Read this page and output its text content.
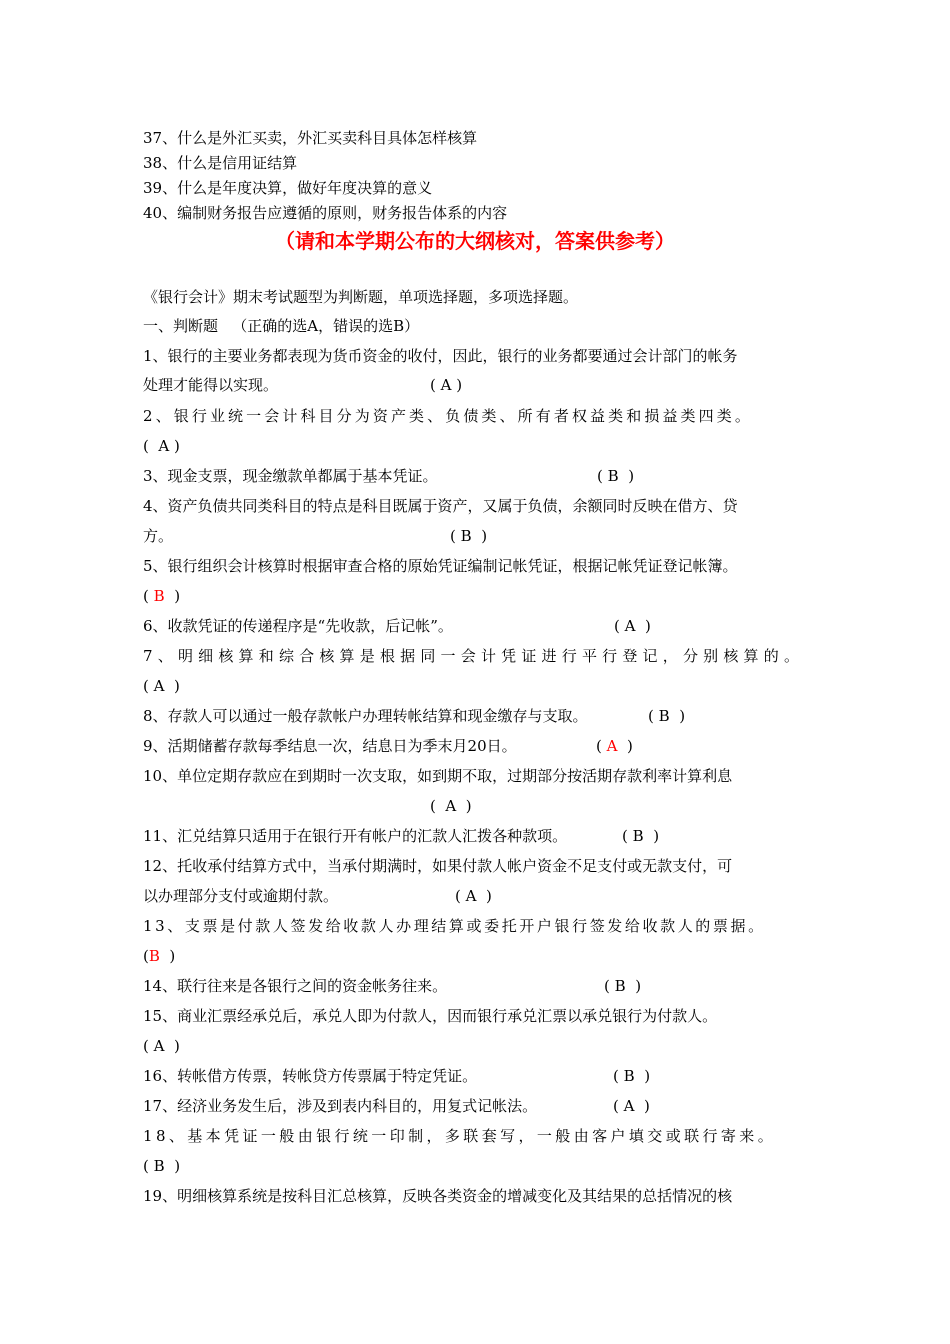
37、什么是外汇买卖，外汇买卖科目具体怎样核算
38、什么是信用证结算
39、什么是年度决算，做好年度决算的意义
40、编制财务报告应遵循的原则，财务报告体系的内容
（请和本学期公布的大纲核对，答案供参考）
《银行会计》期末考试题型为判断题，单项选择题，多项选择题。
一、判断题   （正确的选A，错误的选B）
1、银行的主要业务都表现为货币资金的收付，因此，银行的业务都要通过会计部门的帐务
处理才能得以实现。	( A )
2、银行业统一会计科目分为资产类、负债类、所有者权益类和损益类四类。
(  A )
3、现金支票，现金缴款单都属于基本凭证。	( B  )
4、资产负债共同类科目的特点是科目既属于资产，又属于负债，余额同时反映在借方、贷
方。	( B  )
5、银行组织会计核算时根据审查合格的原始凭证编制记帐凭证，根据记帐凭证登记帐簿。
( B  )
6、收款凭证的传递程序是“先收款，后记帐”。	( A  )
7、明细核算和综合核算是根据同一会计凭证进行平行登记，分别核算的。
( A  )
8、存款人可以通过一般存款帐户办理转帐结算和现金缴存与支取。	( B  )
9、活期储蓄存款每季结息一次，结息日为季末月20日。	( A  )
10、单位定期存款应在到期时一次支取，如到期不取，过期部分按活期存款利率计算利息
(  A  )
11、汇兑结算只适用于在银行开有帐户的汇款人汇拨各种款项。	( B  )
12、托收承付结算方式中，当承付期满时，如果付款人帐户资金不足支付或无款支付，可
以办理部分支付或逾期付款。	( A  )
13、支票是付款人签发给收款人办理结算或委托开户银行签发给收款人的票据。
(B  )
14、联行往来是各银行之间的资金帐务往来。	( B  )
15、商业汇票经承兑后，承兑人即为付款人，因而银行承兑汇票以承兑银行为付款人。
( A  )
16、转帐借方传票，转帐贷方传票属于特定凭证。	( B  )
17、经济业务发生后，涉及到表内科目的，用复式记帐法。	( A  )
18、基本凭证一般由银行统一印制，多联套写，一般由客户填交或联行寄来。
( B  )
19、明细核算系统是按科目汇总核算，反映各类资金的增减变化及其结果的总括情况的核
